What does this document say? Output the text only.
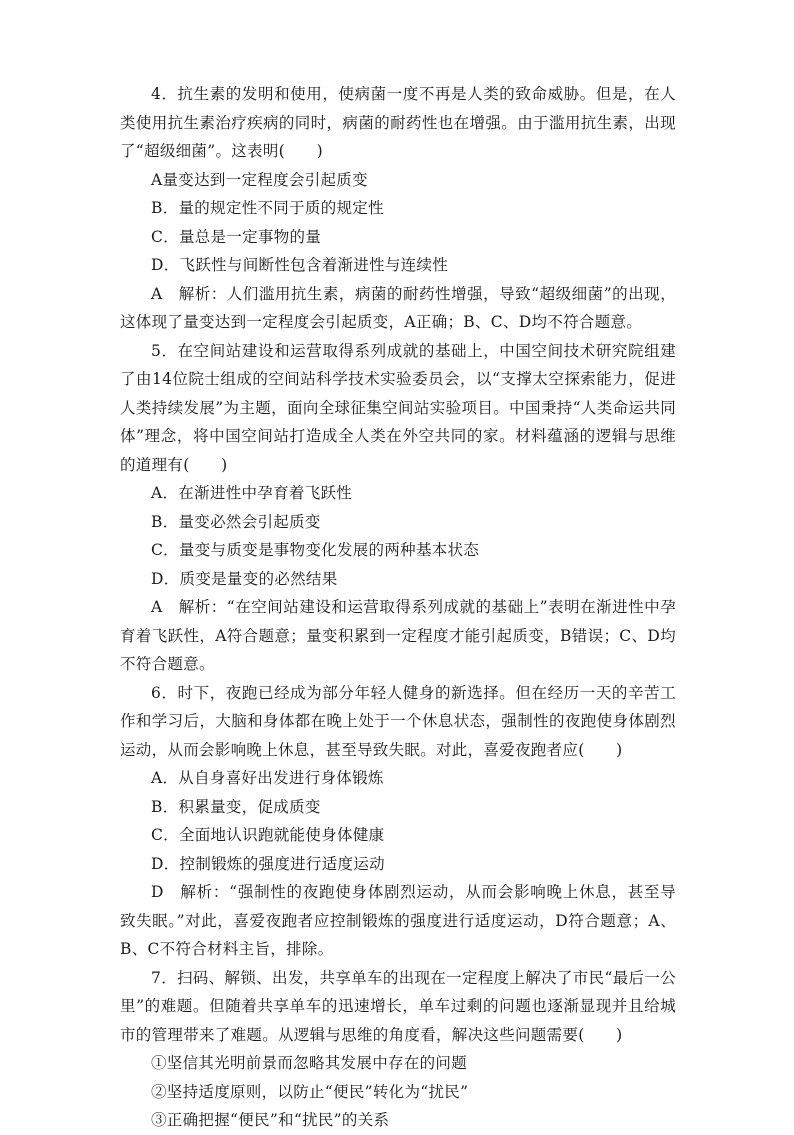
4．抗生素的发明和使用，使病菌一度不再是人类的致命威胁。但是，在人类使用抗生素治疗疾病的同时，病菌的耐药性也在增强。由于滥用抗生素，出现了“超级细菌”。这表明(　　)

A量变达到一定程度会引起质变

B．量的规定性不同于质的规定性

C．量总是一定事物的量

D．飞跃性与间断性包含着渐进性与连续性

A　解析：人们滥用抗生素，病菌的耐药性增强，导致“超级细菌”的出现，这体现了量变达到一定程度会引起质变，A正确；B、C、D均不符合题意。

5．在空间站建设和运营取得系列成就的基础上，中国空间技术研究院组建了由14位院士组成的空间站科学技术实验委员会，以“支撑太空探索能力，促进人类持续发展”为主题，面向全球征集空间站实验项目。中国秉持“人类命运共同体”理念，将中国空间站打造成全人类在外空共同的家。材料蕴涵的逻辑与思维的道理有(　　)

A．在渐进性中孕育着飞跃性

B．量变必然会引起质变

C．量变与质变是事物变化发展的两种基本状态

D．质变是量变的必然结果

A　解析：“在空间站建设和运营取得系列成就的基础上”表明在渐进性中孕育着飞跃性，A符合题意；量变积累到一定程度才能引起质变，B错误；C、D均不符合题意。

6．时下，夜跑已经成为部分年轻人健身的新选择。但在经历一天的辛苦工作和学习后，大脑和身体都在晚上处于一个休息状态，强制性的夜跑使身体剧烈运动，从而会影响晚上休息，甚至导致失眠。对此，喜爱夜跑者应(　　)

A．从自身喜好出发进行身体锻炼

B．积累量变，促成质变

C．全面地认识跑就能使身体健康

D．控制锻炼的强度进行适度运动

D　解析：“强制性的夜跑使身体剧烈运动，从而会影响晚上休息，甚至导致失眠。”对此，喜爱夜跑者应控制锻炼的强度进行适度运动，D符合题意；A、B、C不符合材料主旨，排除。

7．扫码、解锁、出发，共享单车的出现在一定程度上解决了市民“最后一公里”的难题。但随着共享单车的迅速增长，单车过剩的问题也逐渐显现并且给城市的管理带来了难题。从逻辑与思维的角度看，解决这些问题需要(　　)

①坚信其光明前景而忽略其发展中存在的问题

②坚持适度原则，以防止“便民”转化为“扰民”

③正确把握“便民”和“扰民”的关系
